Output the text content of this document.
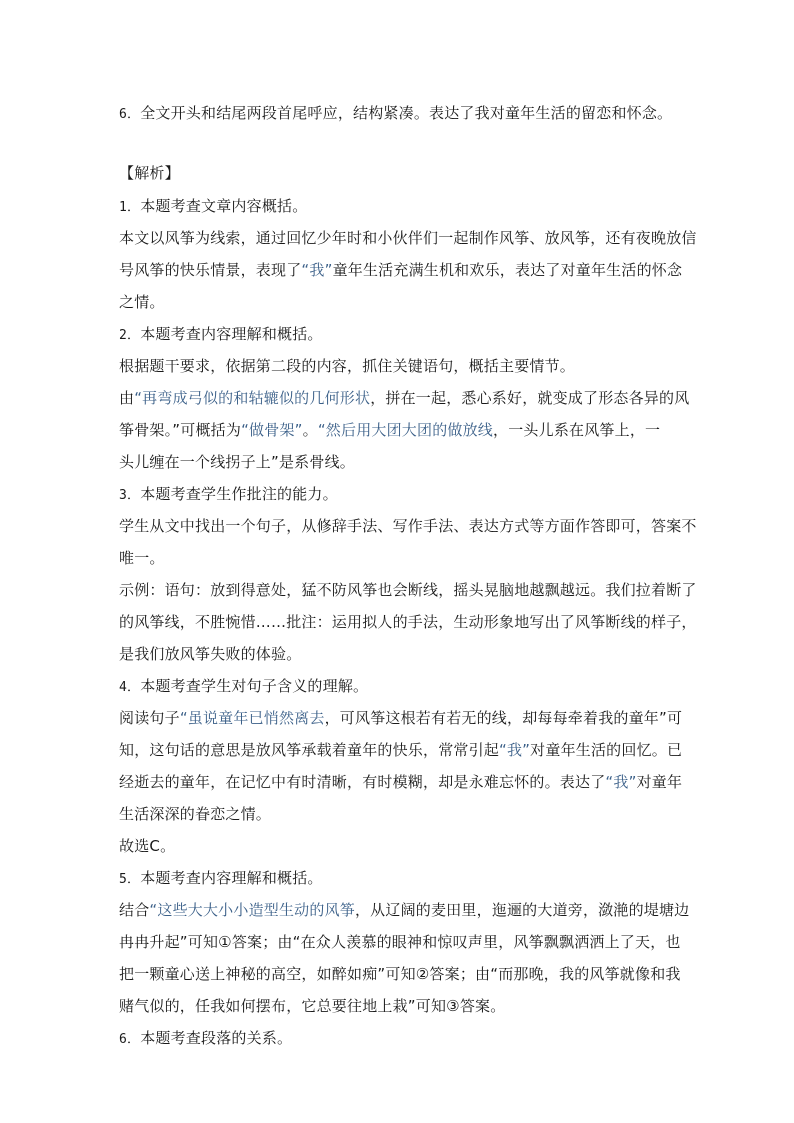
6．全文开头和结尾两段首尾呼应，结构紧凑。表达了我对童年生活的留恋和怀念。
【解析】
1．本题考查文章内容概括。
本文以风筝为线索，通过回忆少年时和小伙伴们一起制作风筝、放风筝，还有夜晚放信
号风筝的快乐情景，表现了“我”童年生活充满生机和欢乐，表达了对童年生活的怀念
之情。
2．本题考查内容理解和概括。
根据题干要求，依据第二段的内容，抓住关键语句，概括主要情节。
由“再弯成弓似的和轱辘似的几何形状，拼在一起，悉心系好，就变成了形态各异的风
筝骨架。”可概括为“做骨架”。“然后用大团大团的做放线，一头儿系在风筝上，一
头儿缠在一个线拐子上”是系骨线。
3．本题考查学生作批注的能力。
学生从文中找出一个句子，从修辞手法、写作手法、表达方式等方面作答即可，答案不
唯一。
示例：语句：放到得意处，猛不防风筝也会断线，摇头晃脑地越飘越远。我们拉着断了
的风筝线，不胜惋惜……批注：运用拟人的手法，生动形象地写出了风筝断线的样子，
是我们放风筝失败的体验。
4．本题考查学生对句子含义的理解。
阅读句子“虽说童年已悄然离去，可风筝这根若有若无的线，却每每牵着我的童年”可
知，这句话的意思是放风筝承载着童年的快乐，常常引起“我”对童年生活的回忆。已
经逝去的童年，在记忆中有时清晰，有时模糊，却是永难忘怀的。表达了“我”对童年
生活深深的眷恋之情。
故选C。
5．本题考查内容理解和概括。
结合“这些大大小小造型生动的风筝，从辽阔的麦田里，迤逦的大道旁，潋滟的堤塘边
冉冉升起”可知①答案；由“在众人羡慕的眼神和惊叹声里，风筝飘飘洒洒上了天，也
把一颗童心送上神秘的高空，如醉如痴”可知②答案；由“而那晚，我的风筝就像和我
赌气似的，任我如何摆布，它总要往地上栽”可知③答案。
6．本题考查段落的关系。
